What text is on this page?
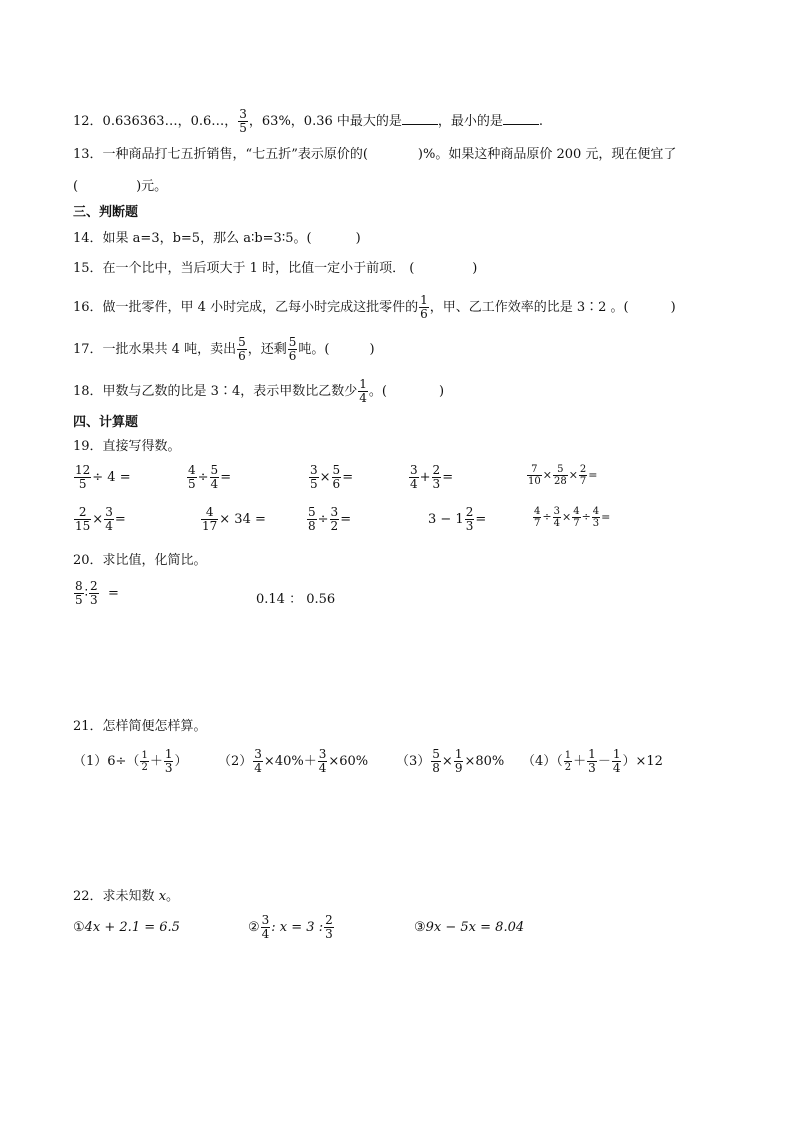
12．0.636363…，0.6…， $\frac{3}{5}$ ，63%，0.36 中最大的是	，最小的是	.
13．一种商品打七五折销售，“七五折”表示原价的(	)%。如果这种商品原价 200 元，现在便宜了
(	)元。
三、判断题
14．如果 a=3，b=5，那么 a∶b=3∶5。(	)
15．在一个比中，当后项大于 1 时，比值一定小于前项． (	)
16．做一批零件，甲 4 小时完成，乙每小时完成这批零件的 $\frac{1}{6}$ ，甲、乙工作效率的比是 3∶2 。(	)
17．一批水果共 4 吨，卖出 $\frac{5}{6}$ ，还剩 $\frac{5}{6}$ 吨。(	)
18．甲数与乙数的比是 3∶4，表示甲数比乙数少 $\frac{1}{4}$ 。(	)
四、计算题
19．直接写得数。
$\frac{12}{5} \div 4$ =	$\frac{4}{5} \div \frac{5}{4}$ =	$\frac{3}{5} \times \frac{5}{6}$ =	$\frac{3}{4} + \frac{2}{3}$ =	$\frac{7}{10} \times \frac{5}{28} \times \frac{2}{7}$ =
$\frac{2}{15} \times \frac{3}{4}$ =	$\frac{4}{17} \times 34$ =	$\frac{5}{8} \div \frac{3}{2}$ =	$3 - 1 \frac{2}{3}$ =	$\frac{4}{7} \div \frac{3}{4} \times \frac{4}{7} \div \frac{4}{3}$ =
20．求比值，化简比。
$\frac{8}{5}$ ∶ $\frac{2}{3}$ =	0.14 ： 0.56
21．怎样简便怎样算。
$(1)6\div( \frac{1}{2} + \frac{1}{3}$ ） $(2) \frac{3}{4} \times 40\%+ \frac{3}{4} \times 60\%$ $(3) \frac{5}{8} \times \frac{1}{9} \times 80\%$ $(4)( \frac{1}{2} + \frac{1}{3} - \frac{1}{4} )\times 12$
22．求未知数 x。
①4x + 2.1 = 6.5	② $\frac{3}{4}$ : x = 3 : $\frac{2}{3}$	③9x − 5x = 8.04
